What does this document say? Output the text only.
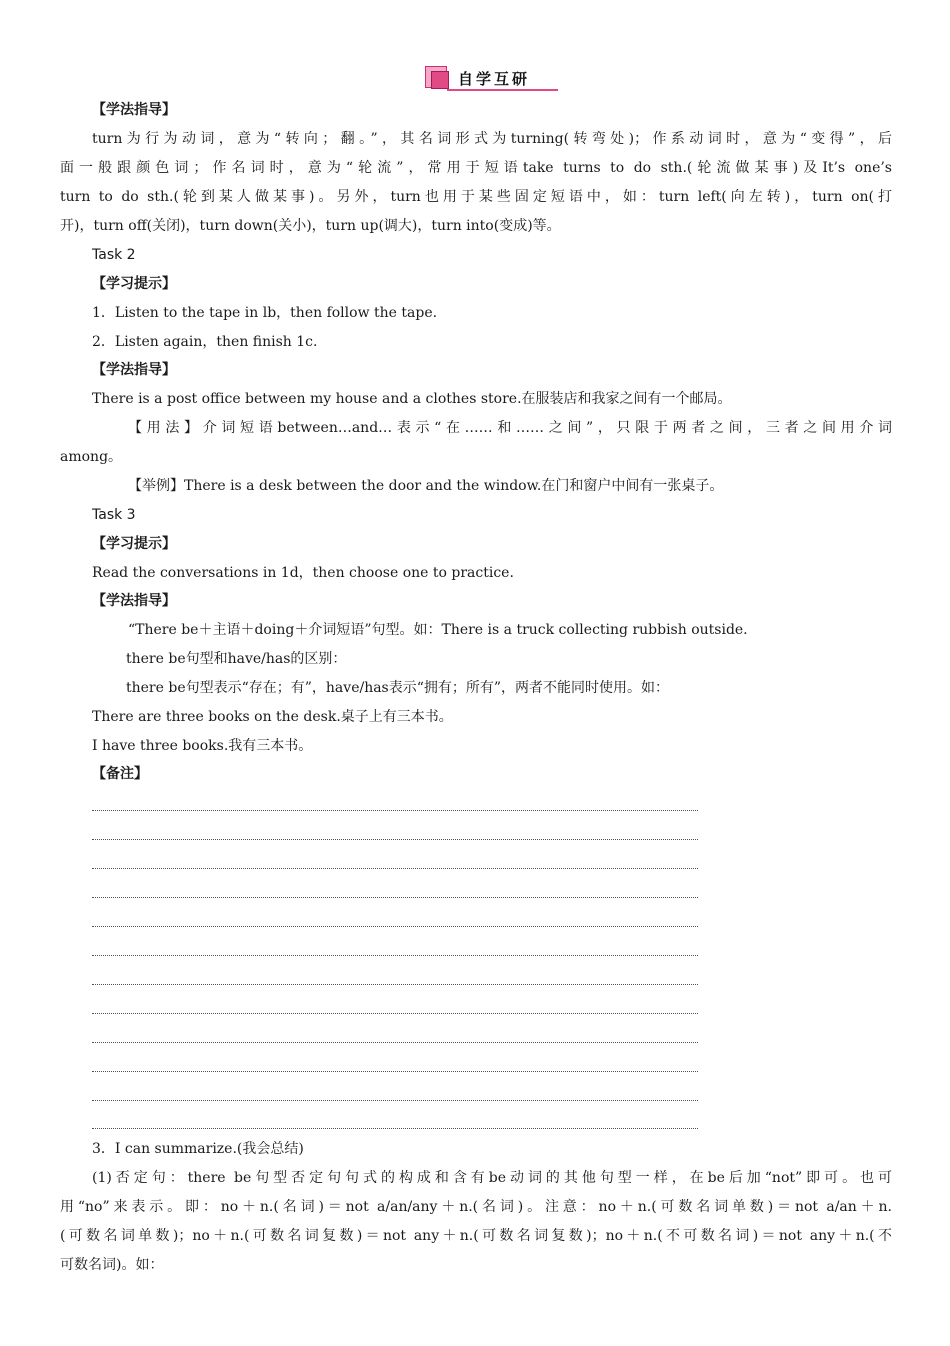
自学互研
【学法指导】
turn为行为动词，意为“转向；翻。”，其名词形式为turning(转弯处)；作系动词时，意为“变得”，后
面一般跟颜色词；作名词时，意为“轮流”，常用于短语take turns to do sth.(轮流做某事)及It’s one’s
turn to do sth.(轮到某人做某事)。另外，turn也用于某些固定短语中，如：turn left(向左转)，turn on(打
开)，turn off(关闭)，turn down(关小)，turn up(调大)，turn into(变成)等。
Task 2
【学习提示】
1．Listen to the tape in lb，then follow the tape.
2．Listen again，then finish 1c.
【学法指导】
There is a post office between my house and a clothes store.在服装店和我家之间有一个邮局。
【用法】介词短语between…and…表示“在……和……之间”，只限于两者之间，三者之间用介词
among。
【举例】There is a desk between the door and the window.在门和窗户中间有一张桌子。
Task 3
【学习提示】
Read the conversations in 1d，then choose one to practice.
【学法指导】
“There be＋主语＋doing＋介词短语”句型。如：There is a truck collecting rubbish outside.
there be句型和have/has的区别：
there be句型表示“存在；有”，have/has表示“拥有；所有”，两者不能同时使用。如：
There are three books on the desk.桌子上有三本书。
I have three books.我有三本书。
【备注】
3．I can summarize.(我会总结)
(1)否定句：there be句型否定句句式的构成和含有be动词的其他句型一样，在be后加“not”即可。也可
用“no”来表示。即：no＋n.(名词)＝not a/an/any＋n.(名词)。注意：no＋n.(可数名词单数)＝not a/an＋n.
(可数名词单数)；no＋n.(可数名词复数)＝not any＋n.(可数名词复数)；no＋n.(不可数名词)＝not any＋n.(不
可数名词)。如：
